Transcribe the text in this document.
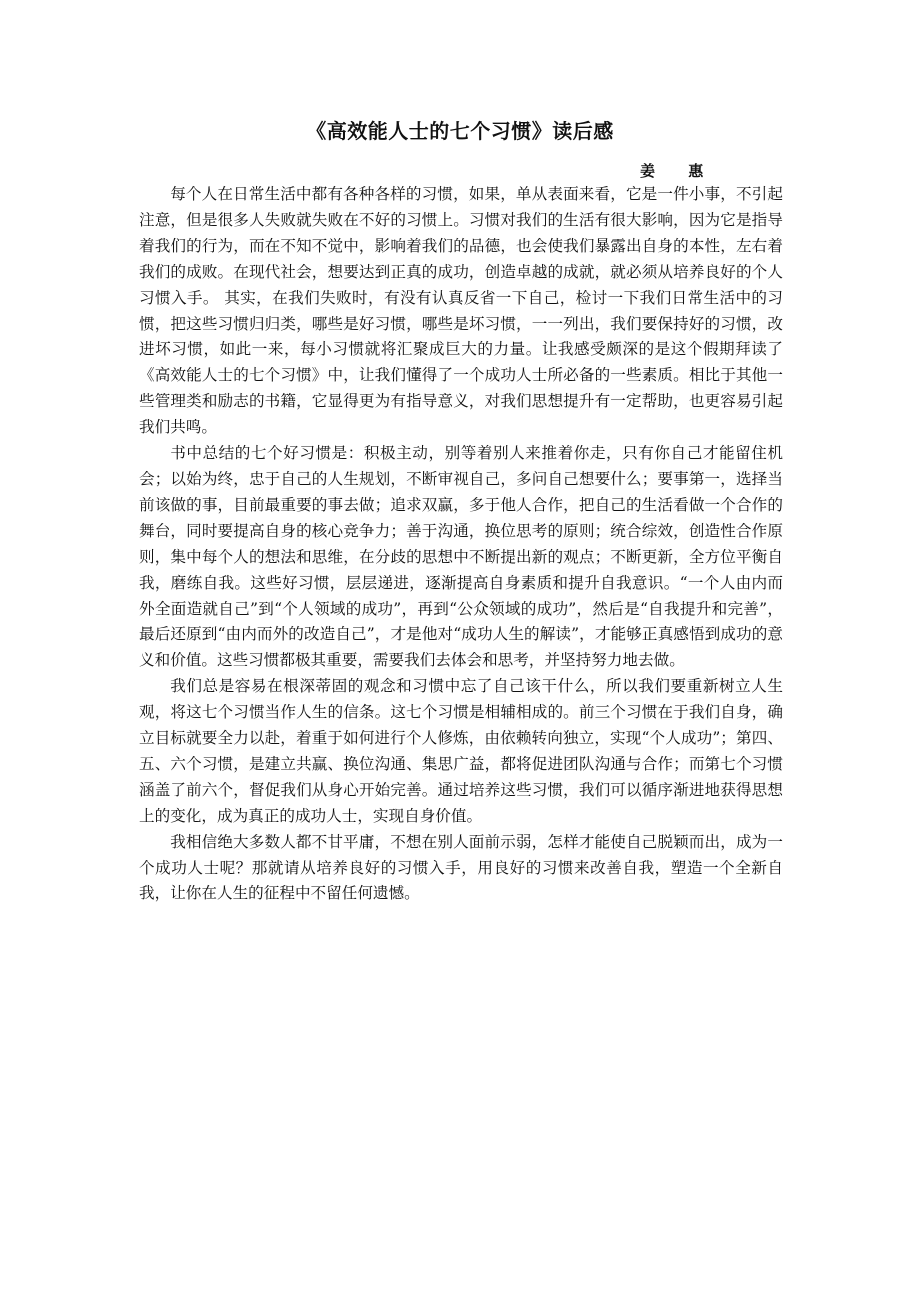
《高效能人士的七个习惯》读后感
姜 惠

每个人在日常生活中都有各种各样的习惯，如果，单从表面来看，它是一件小事，不引起注意，但是很多人失败就失败在不好的习惯上。习惯对我们的生活有很大影响，因为它是指导着我们的行为，而在不知不觉中，影响着我们的品德，也会使我们暴露出自身的本性，左右着我们的成败。在现代社会，想要达到正真的成功，创造卓越的成就，就必须从培养良好的个人习惯入手。 其实，在我们失败时，有没有认真反省一下自己，检讨一下我们日常生活中的习惯，把这些习惯归归类，哪些是好习惯，哪些是坏习惯，一一列出，我们要保持好的习惯，改进坏习惯，如此一来，每小习惯就将汇聚成巨大的力量。让我感受颇深的是这个假期拜读了《高效能人士的七个习惯》中，让我们懂得了一个成功人士所必备的一些素质。相比于其他一些管理类和励志的书籍，它显得更为有指导意义，对我们思想提升有一定帮助，也更容易引起我们共鸣。

书中总结的七个好习惯是：积极主动，别等着别人来推着你走，只有你自己才能留住机会；以始为终，忠于自己的人生规划，不断审视自己，多问自己想要什么；要事第一，选择当前该做的事，目前最重要的事去做；追求双赢，多于他人合作，把自己的生活看做一个合作的舞台，同时要提高自身的核心竞争力；善于沟通，换位思考的原则；统合综效，创造性合作原则，集中每个人的想法和思维，在分歧的思想中不断提出新的观点；不断更新，全方位平衡自我，磨练自我。这些好习惯，层层递进，逐渐提高自身素质和提升自我意识。“一个人由内而外全面造就自己”到“个人领域的成功”，再到“公众领域的成功”，然后是“自我提升和完善”，最后还原到“由内而外的改造自己”，才是他对“成功人生的解读”，才能够正真感悟到成功的意义和价值。这些习惯都极其重要，需要我们去体会和思考，并坚持努力地去做。

我们总是容易在根深蒂固的观念和习惯中忘了自己该干什么，所以我们要重新树立人生观，将这七个习惯当作人生的信条。这七个习惯是相辅相成的。前三个习惯在于我们自身，确立目标就要全力以赴，着重于如何进行个人修炼，由依赖转向独立，实现“个人成功”；第四、五、六个习惯，是建立共赢、换位沟通、集思广益，都将促进团队沟通与合作；而第七个习惯涵盖了前六个，督促我们从身心开始完善。通过培养这些习惯，我们可以循序渐进地获得思想上的变化，成为真正的成功人士，实现自身价值。

我相信绝大多数人都不甘平庸，不想在别人面前示弱，怎样才能使自己脱颖而出，成为一个成功人士呢？那就请从培养良好的习惯入手，用良好的习惯来改善自我，塑造一个全新自我，让你在人生的征程中不留任何遗憾。
